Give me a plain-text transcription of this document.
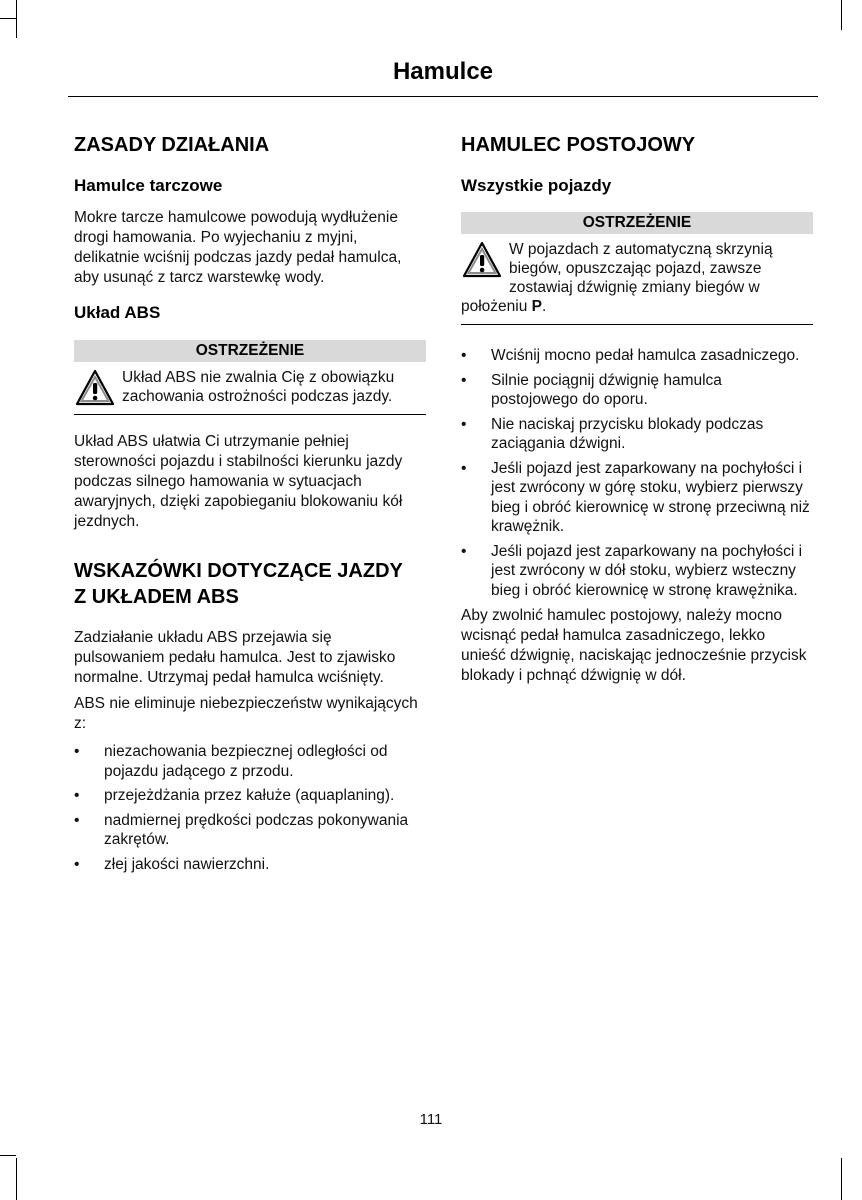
Hamulce
ZASADY DZIAŁANIA
Hamulce tarczowe

Mokre tarcze hamulcowe powodują wydłużenie drogi hamowania. Po wyjechaniu z myjni, delikatnie wciśnij podczas jazdy pedał hamulca, aby usunąć z tarcz warstewkę wody.

Układ ABS
OSTRZEŻENIE
Układ ABS nie zwalnia Cię z obowiązku zachowania ostrożności podczas jazdy.

Układ ABS ułatwia Ci utrzymanie pełniej sterowności pojazdu i stabilności kierunku jazdy podczas silnego hamowania w sytuacjach awaryjnych, dzięki zapobieganiu blokowaniu kół jezdnych.

WSKAZÓWKI DOTYCZĄCE JAZDY
Z UKŁADEM ABS

Zadziałanie układu ABS przejawia się pulsowaniem pedału hamulca. Jest to zjawisko normalne. Utrzymaj pedał hamulca wciśnięty.

ABS nie eliminuje niebezpieczeństw wynikających z:

• niezachowania bezpiecznej odległości od pojazdu jadącego z przodu.
• przejeżdżania przez kałuże (aquaplaning).
• nadmiernej prędkości podczas pokonywania zakrętów.
• złej jakości nawierzchni.
HAMULEC POSTOJOWY
Wszystkie pojazdy
OSTRZEŻENIE
W pojazdach z automatyczną skrzynią biegów, opuszczając pojazd, zawsze zostawiaj dźwignię zmiany biegów w położeniu P.
• Wciśnij mocno pedał hamulca zasadniczego.
• Silnie pociągnij dźwignię hamulca postojowego do oporu.
• Nie naciskaj przycisku blokady podczas zaciągania dźwigni.
• Jeśli pojazd jest zaparkowany na pochyłości i jest zwrócony w górę stoku, wybierz pierwszy bieg i obróć kierownicę w stronę przeciwną niż krawężnik.
• Jeśli pojazd jest zaparkowany na pochyłości i jest zwrócony w dół stoku, wybierz wsteczny bieg i obróć kierownicę w stronę krawężnika.

Aby zwolnić hamulec postojowy, należy mocno wcisnąć pedał hamulca zasadniczego, lekko unieść dźwignię, naciskając jednocześnie przycisk blokady i pchnąć dźwignię w dół.

111
